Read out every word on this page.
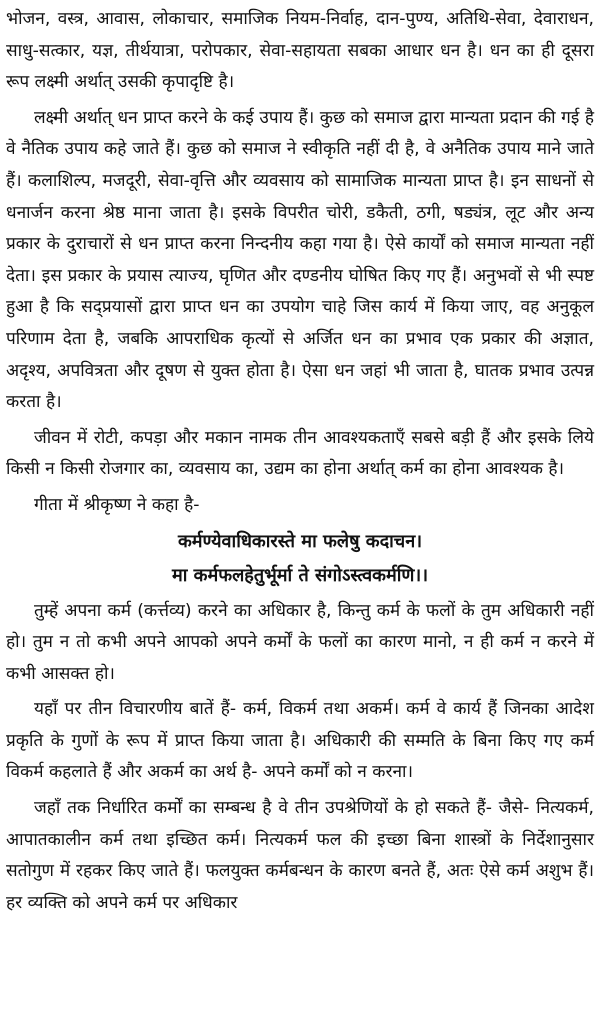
भोजन, वस्त्र, आवास, लोकाचार, समाजिक नियम-निर्वाह, दान-पुण्य, अतिथि-सेवा, देवाराधन, साधु-सत्कार, यज्ञ, तीर्थयात्रा, परोपकार, सेवा-सहायता सबका आधार धन है। धन का ही दूसरा रूप लक्ष्मी अर्थात् उसकी कृपादृष्टि है।

लक्ष्मी अर्थात् धन प्राप्त करने के कई उपाय हैं। कुछ को समाज द्वारा मान्यता प्रदान की गई है वे नैतिक उपाय कहे जाते हैं। कुछ को समाज ने स्वीकृति नहीं दी है, वे अनैतिक उपाय माने जाते हैं। कलाशिल्प, मजदूरी, सेवा-वृत्ति और व्यवसाय को सामाजिक मान्यता प्राप्त है। इन साधनों से धनार्जन करना श्रेष्ठ माना जाता है। इसके विपरीत चोरी, डकैती, ठगी, षड्यंत्र, लूट और अन्य प्रकार के दुराचारों से धन प्राप्त करना निन्दनीय कहा गया है। ऐसे कार्यों को समाज मान्यता नहीं देता। इस प्रकार के प्रयास त्याज्य, घृणित और दण्डनीय घोषित किए गए हैं। अनुभवों से भी स्पष्ट हुआ है कि सद्प्रयासों द्वारा प्राप्त धन का उपयोग चाहे जिस कार्य में किया जाए, वह अनुकूल परिणाम देता है, जबकि आपराधिक कृत्यों से अर्जित धन का प्रभाव एक प्रकार की अज्ञात, अदृश्य, अपवित्रता और दूषण से युक्त होता है। ऐसा धन जहां भी जाता है, घातक प्रभाव उत्पन्न करता है।

जीवन में रोटी, कपड़ा और मकान नामक तीन आवश्यकताएँ सबसे बड़ी हैं और इसके लिये किसी न किसी रोजगार का, व्यवसाय का, उद्यम का होना अर्थात् कर्म का होना आवश्यक है।

गीता में श्रीकृष्ण ने कहा है-

कर्मण्येवाधिकारस्ते मा फलेषु कदाचन।

मा कर्मफलहेतुर्भूर्मा ते संगोऽस्त्वकर्मणि।।

तुम्हें अपना कर्म (कर्त्तव्य) करने का अधिकार है, किन्तु कर्म के फलों के तुम अधिकारी नहीं हो। तुम न तो कभी अपने आपको अपने कर्मों के फलों का कारण मानो, न ही कर्म न करने में कभी आसक्त हो।

यहाँ पर तीन विचारणीय बातें हैं- कर्म, विकर्म तथा अकर्म। कर्म वे कार्य हैं जिनका आदेश प्रकृति के गुणों के रूप में प्राप्त किया जाता है। अधिकारी की सम्मति के बिना किए गए कर्म विकर्म कहलाते हैं और अकर्म का अर्थ है- अपने कर्मों को न करना।

जहाँ तक निर्धारित कर्मों का सम्बन्ध है वे तीन उपश्रेणियों के हो सकते हैं- जैसे- नित्यकर्म, आपातकालीन कर्म तथा इच्छित कर्म। नित्यकर्म फल की इच्छा बिना शास्त्रों के निर्देशानुसार सतोगुण में रहकर किए जाते हैं। फलयुक्त कर्मबन्धन के कारण बनते हैं, अतः ऐसे कर्म अशुभ हैं। हर व्यक्ति को अपने कर्म पर अधिकार
